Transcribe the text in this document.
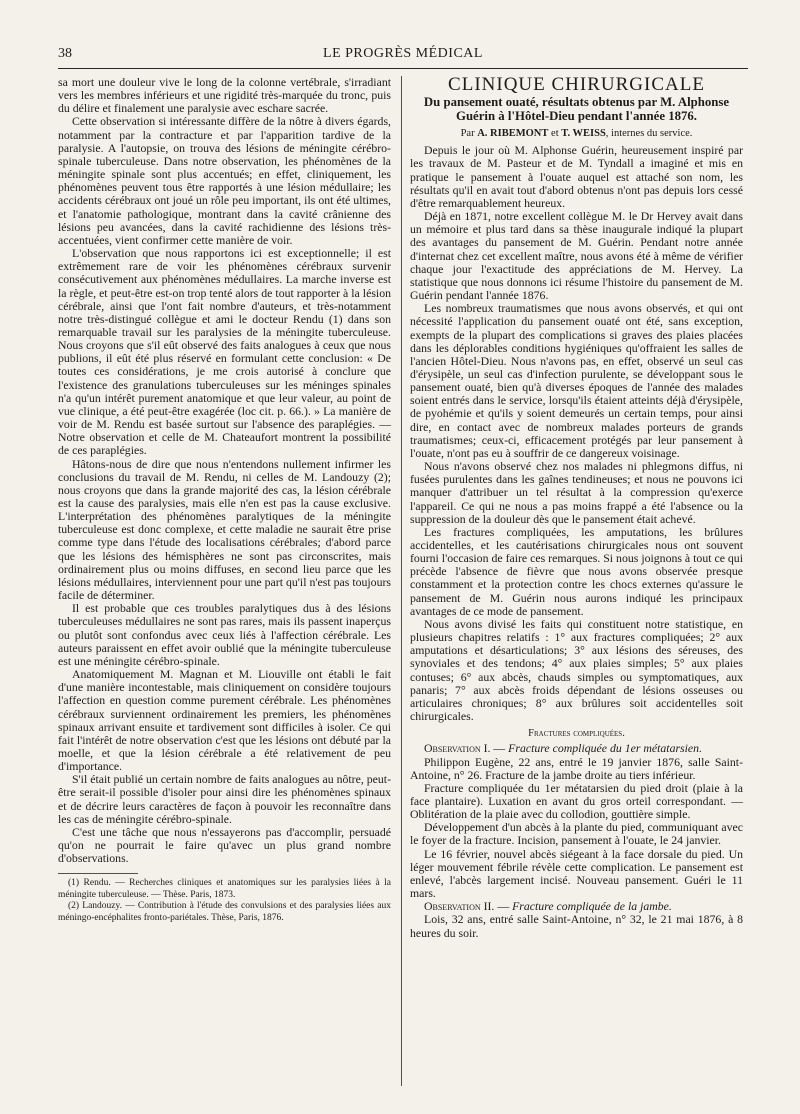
38	LE PROGRÈS MÉDICAL

sa mort une douleur vive le long de la colonne vertébrale, s'irradiant vers les membres inférieurs et une rigidité très-marquée du tronc, puis du délire et finalement une paralysie avec eschare sacrée.

Cette observation si intéressante diffère de la nôtre à divers égards, notamment par la contracture et par l'apparition tardive de la paralysie. A l'autopsie, on trouva des lésions de méningite cérébro-spinale tuberculeuse. Dans notre observation, les phénomènes de la méningite spinale sont plus accentués; en effet, cliniquement, les phénomènes peuvent tous être rapportés à une lésion médullaire; les accidents cérébraux ont joué un rôle peu important, ils ont été ultimes, et l'anatomie pathologique, montrant dans la cavité crânienne des lésions peu avancées, dans la cavité rachidienne des lésions très-accentuées, vient confirmer cette manière de voir.

L'observation que nous rapportons ici est exceptionnelle; il est extrêmement rare de voir les phénomènes cérébraux survenir consécutivement aux phénomènes médullaires. La marche inverse est la règle, et peut-être est-on trop tenté alors de tout rapporter à la lésion cérébrale, ainsi que l'ont fait nombre d'auteurs, et très-notamment notre très-distingué collègue et ami le docteur Rendu (1) dans son remarquable travail sur les paralysies de la méningite tuberculeuse. Nous croyons que s'il eût observé des faits analogues à ceux que nous publions, il eût été plus réservé en formulant cette conclusion: « De toutes ces considérations, je me crois autorisé à conclure que l'existence des granulations tuberculeuses sur les méninges spinales n'a qu'un intérêt purement anatomique et que leur valeur, au point de vue clinique, a été peut-être exagérée (loc cit. p. 66.). » La manière de voir de M. Rendu est basée surtout sur l'absence des paraplégies. — Notre observation et celle de M. Chateaufort montrent la possibilité de ces paraplégies.

Hâtons-nous de dire que nous n'entendons nullement infirmer les conclusions du travail de M. Rendu, ni celles de M. Landouzy (2); nous croyons que dans la grande majorité des cas, la lésion cérébrale est la cause des paralysies, mais elle n'en est pas la cause exclusive. L'interprétation des phénomènes paralytiques de la méningite tuberculeuse est donc complexe, et cette maladie ne saurait être prise comme type dans l'étude des localisations cérébrales; d'abord parce que les lésions des hémisphères ne sont pas circonscrites, mais ordinairement plus ou moins diffuses, en second lieu parce que les lésions médullaires, interviennent pour une part qu'il n'est pas toujours facile de déterminer.

Il est probable que ces troubles paralytiques dus à des lésions tuberculeuses médullaires ne sont pas rares, mais ils passent inaperçus ou plutôt sont confondus avec ceux liés à l'affection cérébrale. Les auteurs paraissent en effet avoir oublié que la méningite tuberculeuse est une méningite cérébro-spinale.

Anatomiquement M. Magnan et M. Liouville ont établi le fait d'une manière incontestable, mais cliniquement on considère toujours l'affection en question comme purement cérébrale. Les phénomènes cérébraux surviennent ordinairement les premiers, les phénomènes spinaux arrivant ensuite et tardivement sont difficiles à isoler. Ce qui fait l'intérêt de notre observation c'est que les lésions ont débuté par la moelle, et que la lésion cérébrale a été relativement de peu d'importance.

S'il était publié un certain nombre de faits analogues au nôtre, peut-être serait-il possible d'isoler pour ainsi dire les phénomènes spinaux et de décrire leurs caractères de façon à pouvoir les reconnaître dans les cas de méningite cérébro-spinale.

C'est une tâche que nous n'essayerons pas d'accomplir, persuadé qu'on ne pourrait le faire qu'avec un plus grand nombre d'observations.

(1) Rendu. — Recherches cliniques et anatomiques sur les paralysies liées à la méningite tuberculeuse. — Thèse. Paris, 1873.

(2) Landouzy. — Contribution à l'étude des convulsions et des paralysies liées aux méningo-encéphalites fronto-pariétales. Thèse, Paris, 1876.

CLINIQUE CHIRURGICALE

Du pansement ouaté, résultats obtenus par M. Alphonse Guérin à l'Hôtel-Dieu pendant l'année 1876.

Par A. RIBEMONT et T. WEISS, internes du service.

Depuis le jour où M. Alphonse Guérin, heureusement inspiré par les travaux de M. Pasteur et de M. Tyndall a imaginé et mis en pratique le pansement à l'ouate auquel est attaché son nom, les résultats qu'il en avait tout d'abord obtenus n'ont pas depuis lors cessé d'être remarquablement heureux.

Déjà en 1871, notre excellent collègue M. le Dr Hervey avait dans un mémoire et plus tard dans sa thèse inaugurale indiqué la plupart des avantages du pansement de M. Guérin. Pendant notre année d'internat chez cet excellent maître, nous avons été à même de vérifier chaque jour l'exactitude des appréciations de M. Hervey. La statistique que nous donnons ici résume l'histoire du pansement de M. Guérin pendant l'année 1876.

Les nombreux traumatismes que nous avons observés, et qui ont nécessité l'application du pansement ouaté ont été, sans exception, exempts de la plupart des complications si graves des plaies placées dans les déplorables conditions hygiéniques qu'offraient les salles de l'ancien Hôtel-Dieu. Nous n'avons pas, en effet, observé un seul cas d'érysipèle, un seul cas d'infection purulente, se développant sous le pansement ouaté, bien qu'à diverses époques de l'année des malades soient entrés dans le service, lorsqu'ils étaient atteints déjà d'érysipèle, de pyohémie et qu'ils y soient demeurés un certain temps, pour ainsi dire, en contact avec de nombreux malades porteurs de grands traumatismes; ceux-ci, efficacement protégés par leur pansement à l'ouate, n'ont pas eu à souffrir de ce dangereux voisinage.

Nous n'avons observé chez nos malades ni phlegmons diffus, ni fusées purulentes dans les gaînes tendineuses; et nous ne pouvons ici manquer d'attribuer un tel résultat à la compression qu'exerce l'appareil. Ce qui ne nous a pas moins frappé a été l'absence ou la suppression de la douleur dès que le pansement était achevé.

Les fractures compliquées, les amputations, les brûlures accidentelles, et les cautérisations chirurgicales nous ont souvent fourni l'occasion de faire ces remarques. Si nous joignons à tout ce qui précède l'absence de fièvre que nous avons observée presque constamment et la protection contre les chocs externes qu'assure le pansement de M. Guérin nous aurons indiqué les principaux avantages de ce mode de pansement.

Nous avons divisé les faits qui constituent notre statistique, en plusieurs chapitres relatifs : 1° aux fractures compliquées; 2° aux amputations et désarticulations; 3° aux lésions des séreuses, des synoviales et des tendons; 4° aux plaies simples; 5° aux plaies contuses; 6° aux abcès, chauds simples ou symptomatiques, aux panaris; 7° aux abcès froids dépendant de lésions osseuses ou articulaires chroniques; 8° aux brûlures soit accidentelles soit chirurgicales.

Fractures compliquées.

Observation I. — Fracture compliquée du 1er métatarsien.

Philippon Eugène, 22 ans, entré le 19 janvier 1876, salle Saint-Antoine, n° 26. Fracture de la jambe droite au tiers inférieur.

Fracture compliquée du 1er métatarsien du pied droit (plaie à la face plantaire). Luxation en avant du gros orteil correspondant. — Oblitération de la plaie avec du collodion, gouttière simple.

Développement d'un abcès à la plante du pied, communiquant avec le foyer de la fracture. Incision, pansement à l'ouate, le 24 janvier.

Le 16 février, nouvel abcès siégeant à la face dorsale du pied. Un léger mouvement fébrile révèle cette complication. Le pansement est enlevé, l'abcès largement incisé. Nouveau pansement. Guéri le 11 mars.

Observation II. — Fracture compliquée de la jambe.

Lois, 32 ans, entré salle Saint-Antoine, n° 32, le 21 mai 1876, à 8 heures du soir.
